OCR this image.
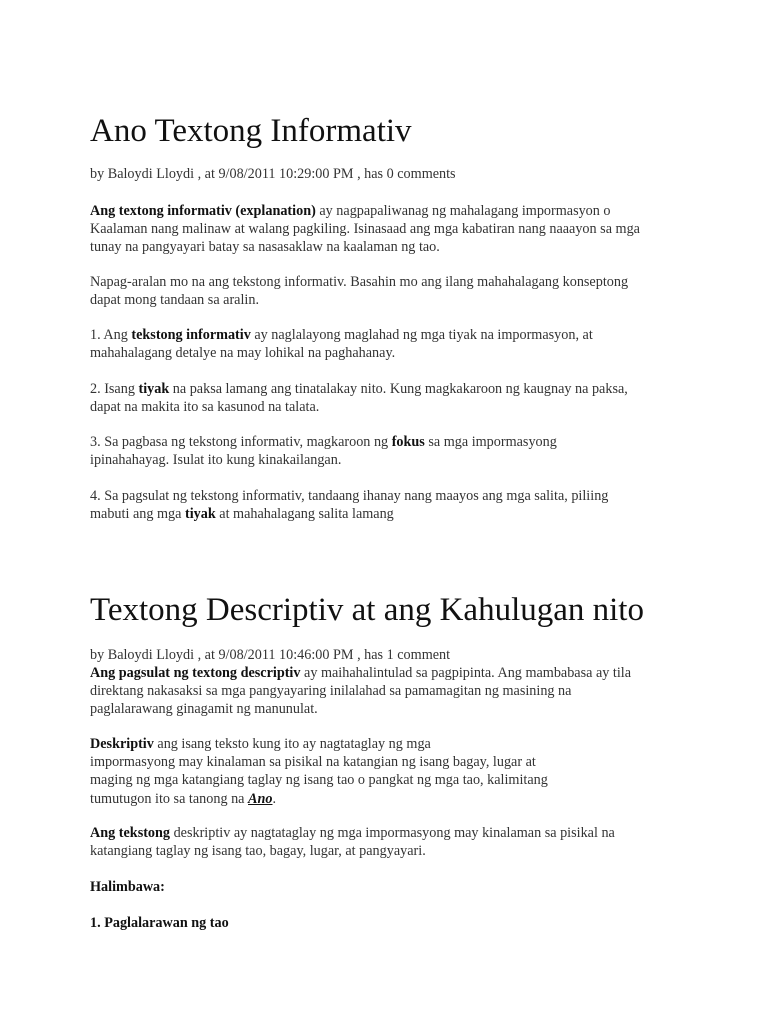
Ano Textong Informativ
by Baloydi Lloydi , at 9/08/2011 10:29:00 PM , has 0 comments
Ang textong informativ (explanation) ay nagpapaliwanag ng mahalagang impormasyon o
Kaalaman nang malinaw at walang pagkiling. Isinasaad ang mga kabatiran nang naaayon sa mga
tunay na pangyayari batay sa nasasaklaw na kaalaman ng tao.
Napag-aralan mo na ang tekstong informativ. Basahin mo ang ilang mahahalagang konseptong
dapat mong tandaan sa aralin.
1. Ang tekstong informativ ay naglalayong maglahad ng mga tiyak na impormasyon, at
mahahalagang detalye na may lohikal na paghahanay.
2. Isang tiyak na paksa lamang ang tinatalakay nito. Kung magkakaroon ng kaugnay na paksa,
dapat na makita ito sa kasunod na talata.
3. Sa pagbasa ng tekstong informativ, magkaroon ng fokus sa mga impormasyong
ipinahahayag. Isulat ito kung kinakailangan.
4. Sa pagsulat ng tekstong informativ, tandaang ihanay nang maayos ang mga salita, piliing
mabuti ang mga tiyak at mahahalagang salita lamang
Textong Descriptiv at ang Kahulugan nito
by Baloydi Lloydi , at 9/08/2011 10:46:00 PM , has 1 comment
Ang pagsulat ng textong descriptiv ay maihahalintulad sa pagpipinta. Ang mambabasa ay tila
direktang nakasaksi sa mga pangyayaring inilalahad sa pamamagitan ng masining na
paglalarawang ginagamit ng manunulat.
Deskriptiv ang isang teksto kung ito ay nagtataglay ng mga
impormasyong may kinalaman sa pisikal na katangian ng isang bagay, lugar at
maging ng mga katangiang taglay ng isang tao o pangkat ng mga tao, kalimitang
tumutugon ito sa tanong na Ano.
Ang tekstong deskriptiv ay nagtataglay ng mga impormasyong may kinalaman sa pisikal na
katangiang taglay ng isang tao, bagay, lugar, at pangyayari.
Halimbawa:
1. Paglalarawan ng tao
